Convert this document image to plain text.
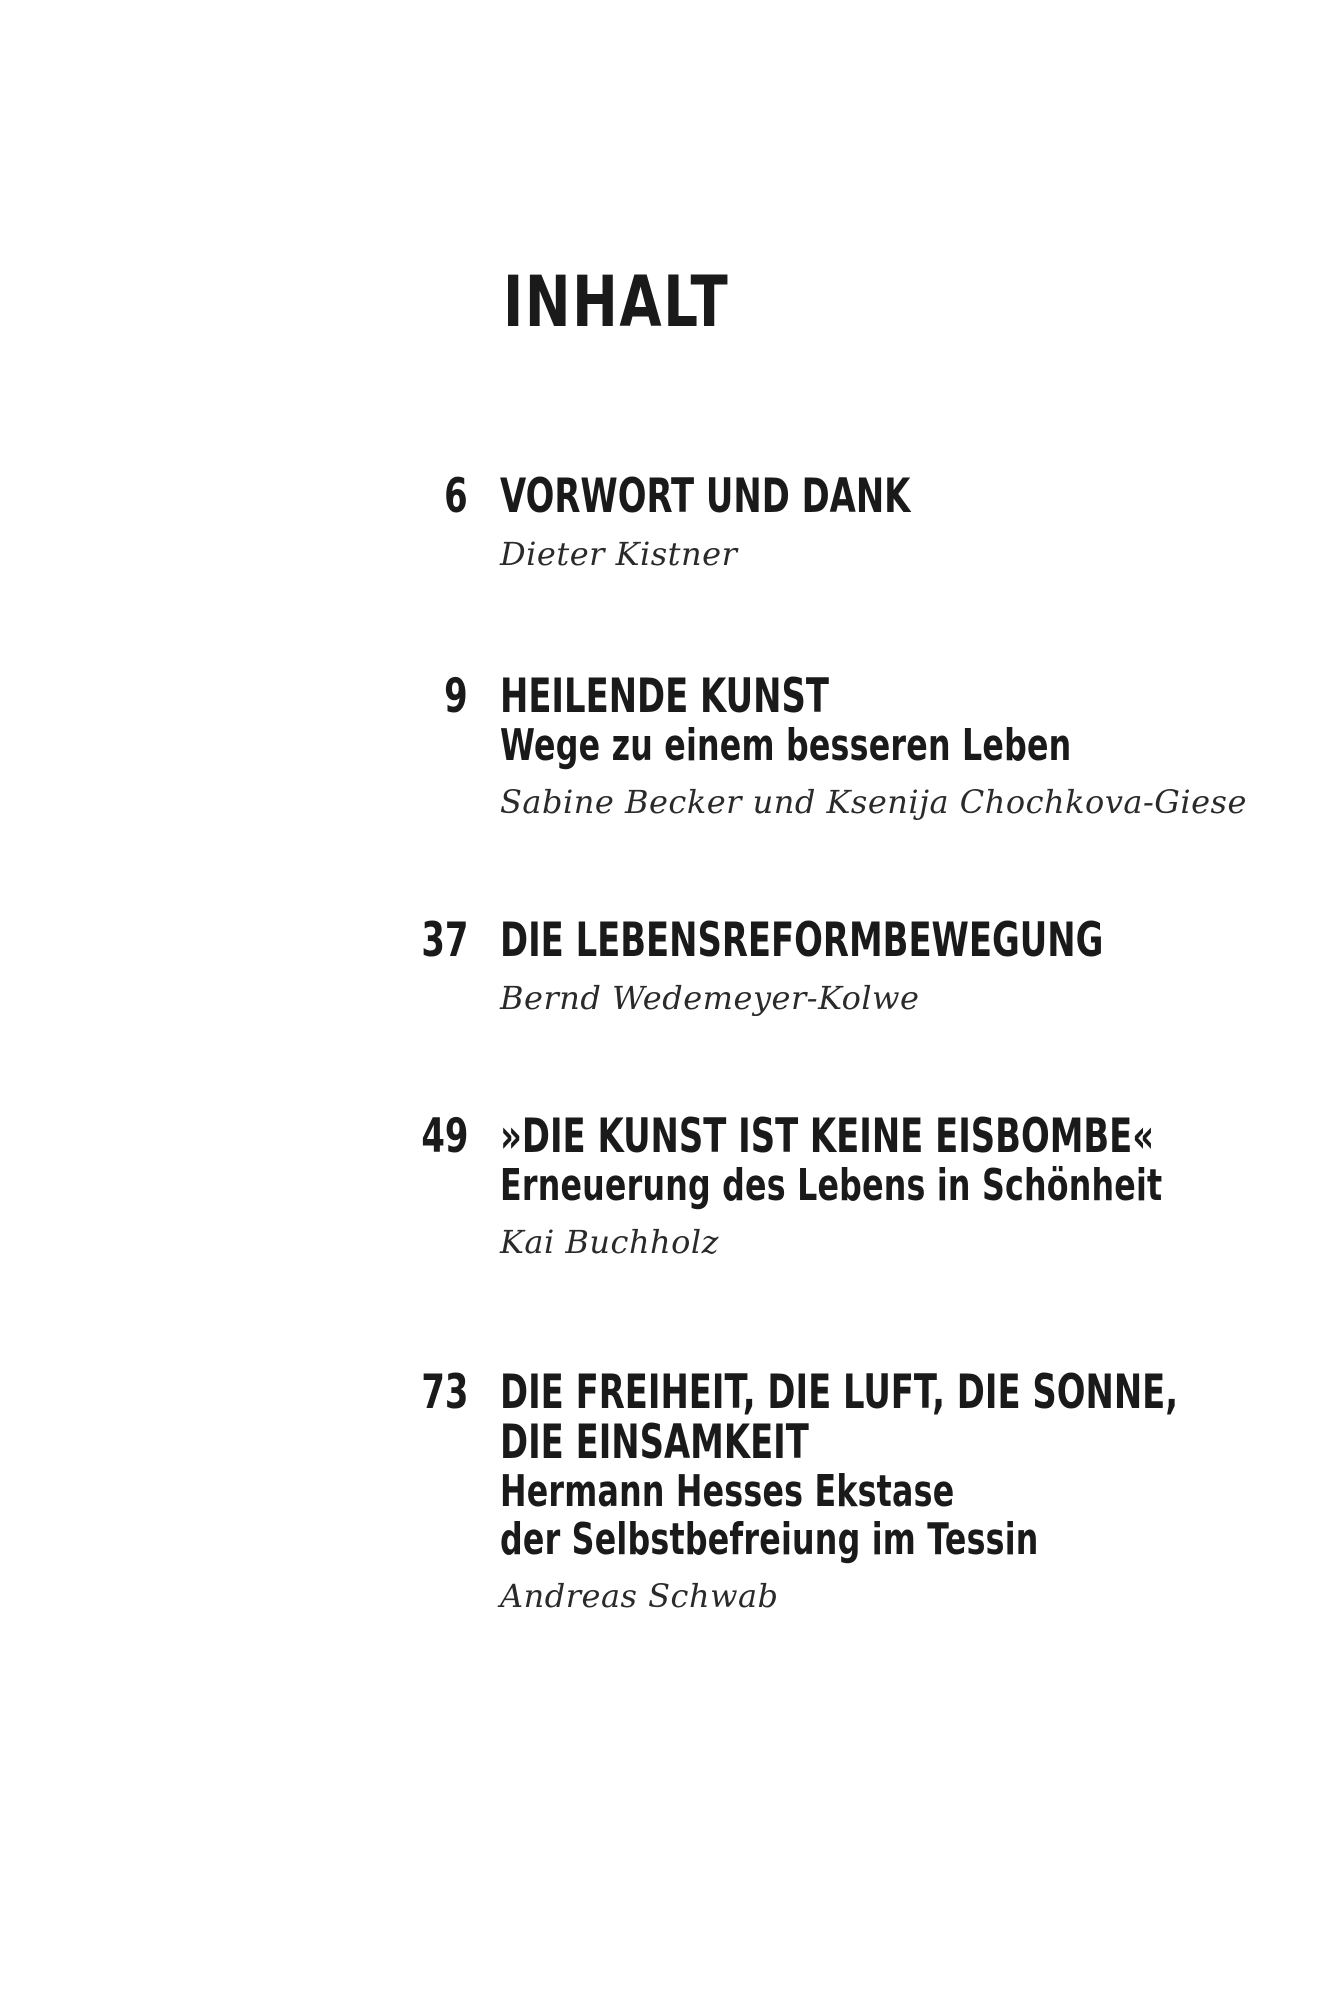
INHALT
6 VORWORT UND DANK
Dieter Kistner
9 HEILENDE KUNST
Wege zu einem besseren Leben
Sabine Becker und Ksenija Chochkova-Giese
37 DIE LEBENSREFORMBEWEGUNG
Bernd Wedemeyer-Kolwe
49 »DIE KUNST IST KEINE EISBOMBE«
Erneuerung des Lebens in Schönheit
Kai Buchholz
73 DIE FREIHEIT, DIE LUFT, DIE SONNE,
DIE EINSAMKEIT
Hermann Hesses Ekstase
der Selbstbefreiung im Tessin
Andreas Schwab
